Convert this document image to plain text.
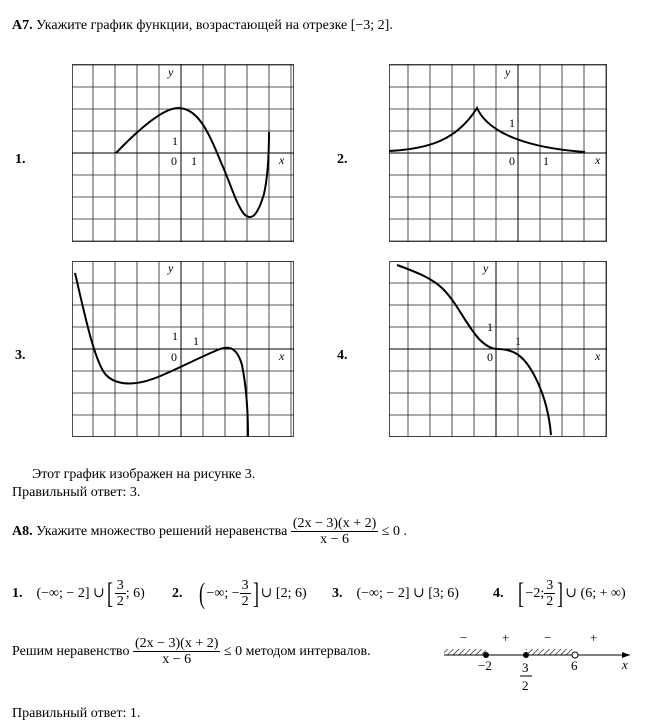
A7.
Укажите график функции, возрастающей на отрезке [−3; 2].
1.	2.
3.	4.
y
x
1
0 1
y
x
1
0 1
y
x
1
0
1
y
x
1
0
1
Этот график изображен на рисунке 3.
Правильный ответ: 3.
A8.
Укажите множество решений неравенства
$\frac{(2x - 3)(x + 2)}{x - 6}$
≤ 0 .
1. (−∞; − 2] ∪ [ $\frac{3}{2}$ ; 6) 2. ( −∞; − $\frac{3}{2}$ ] ∪ [2; 6) 3. (−∞; − 2] ∪ [3; 6) 4. [ −2; $\frac{3}{2}$ ] ∪ (6; + ∞)
Решим неравенство
$\frac{(2x - 3)(x + 2)}{x - 6}$
≤ 0 методом интервалов.
−	+	−	+
−2 3
2
6	x
Правильный ответ: 1.
